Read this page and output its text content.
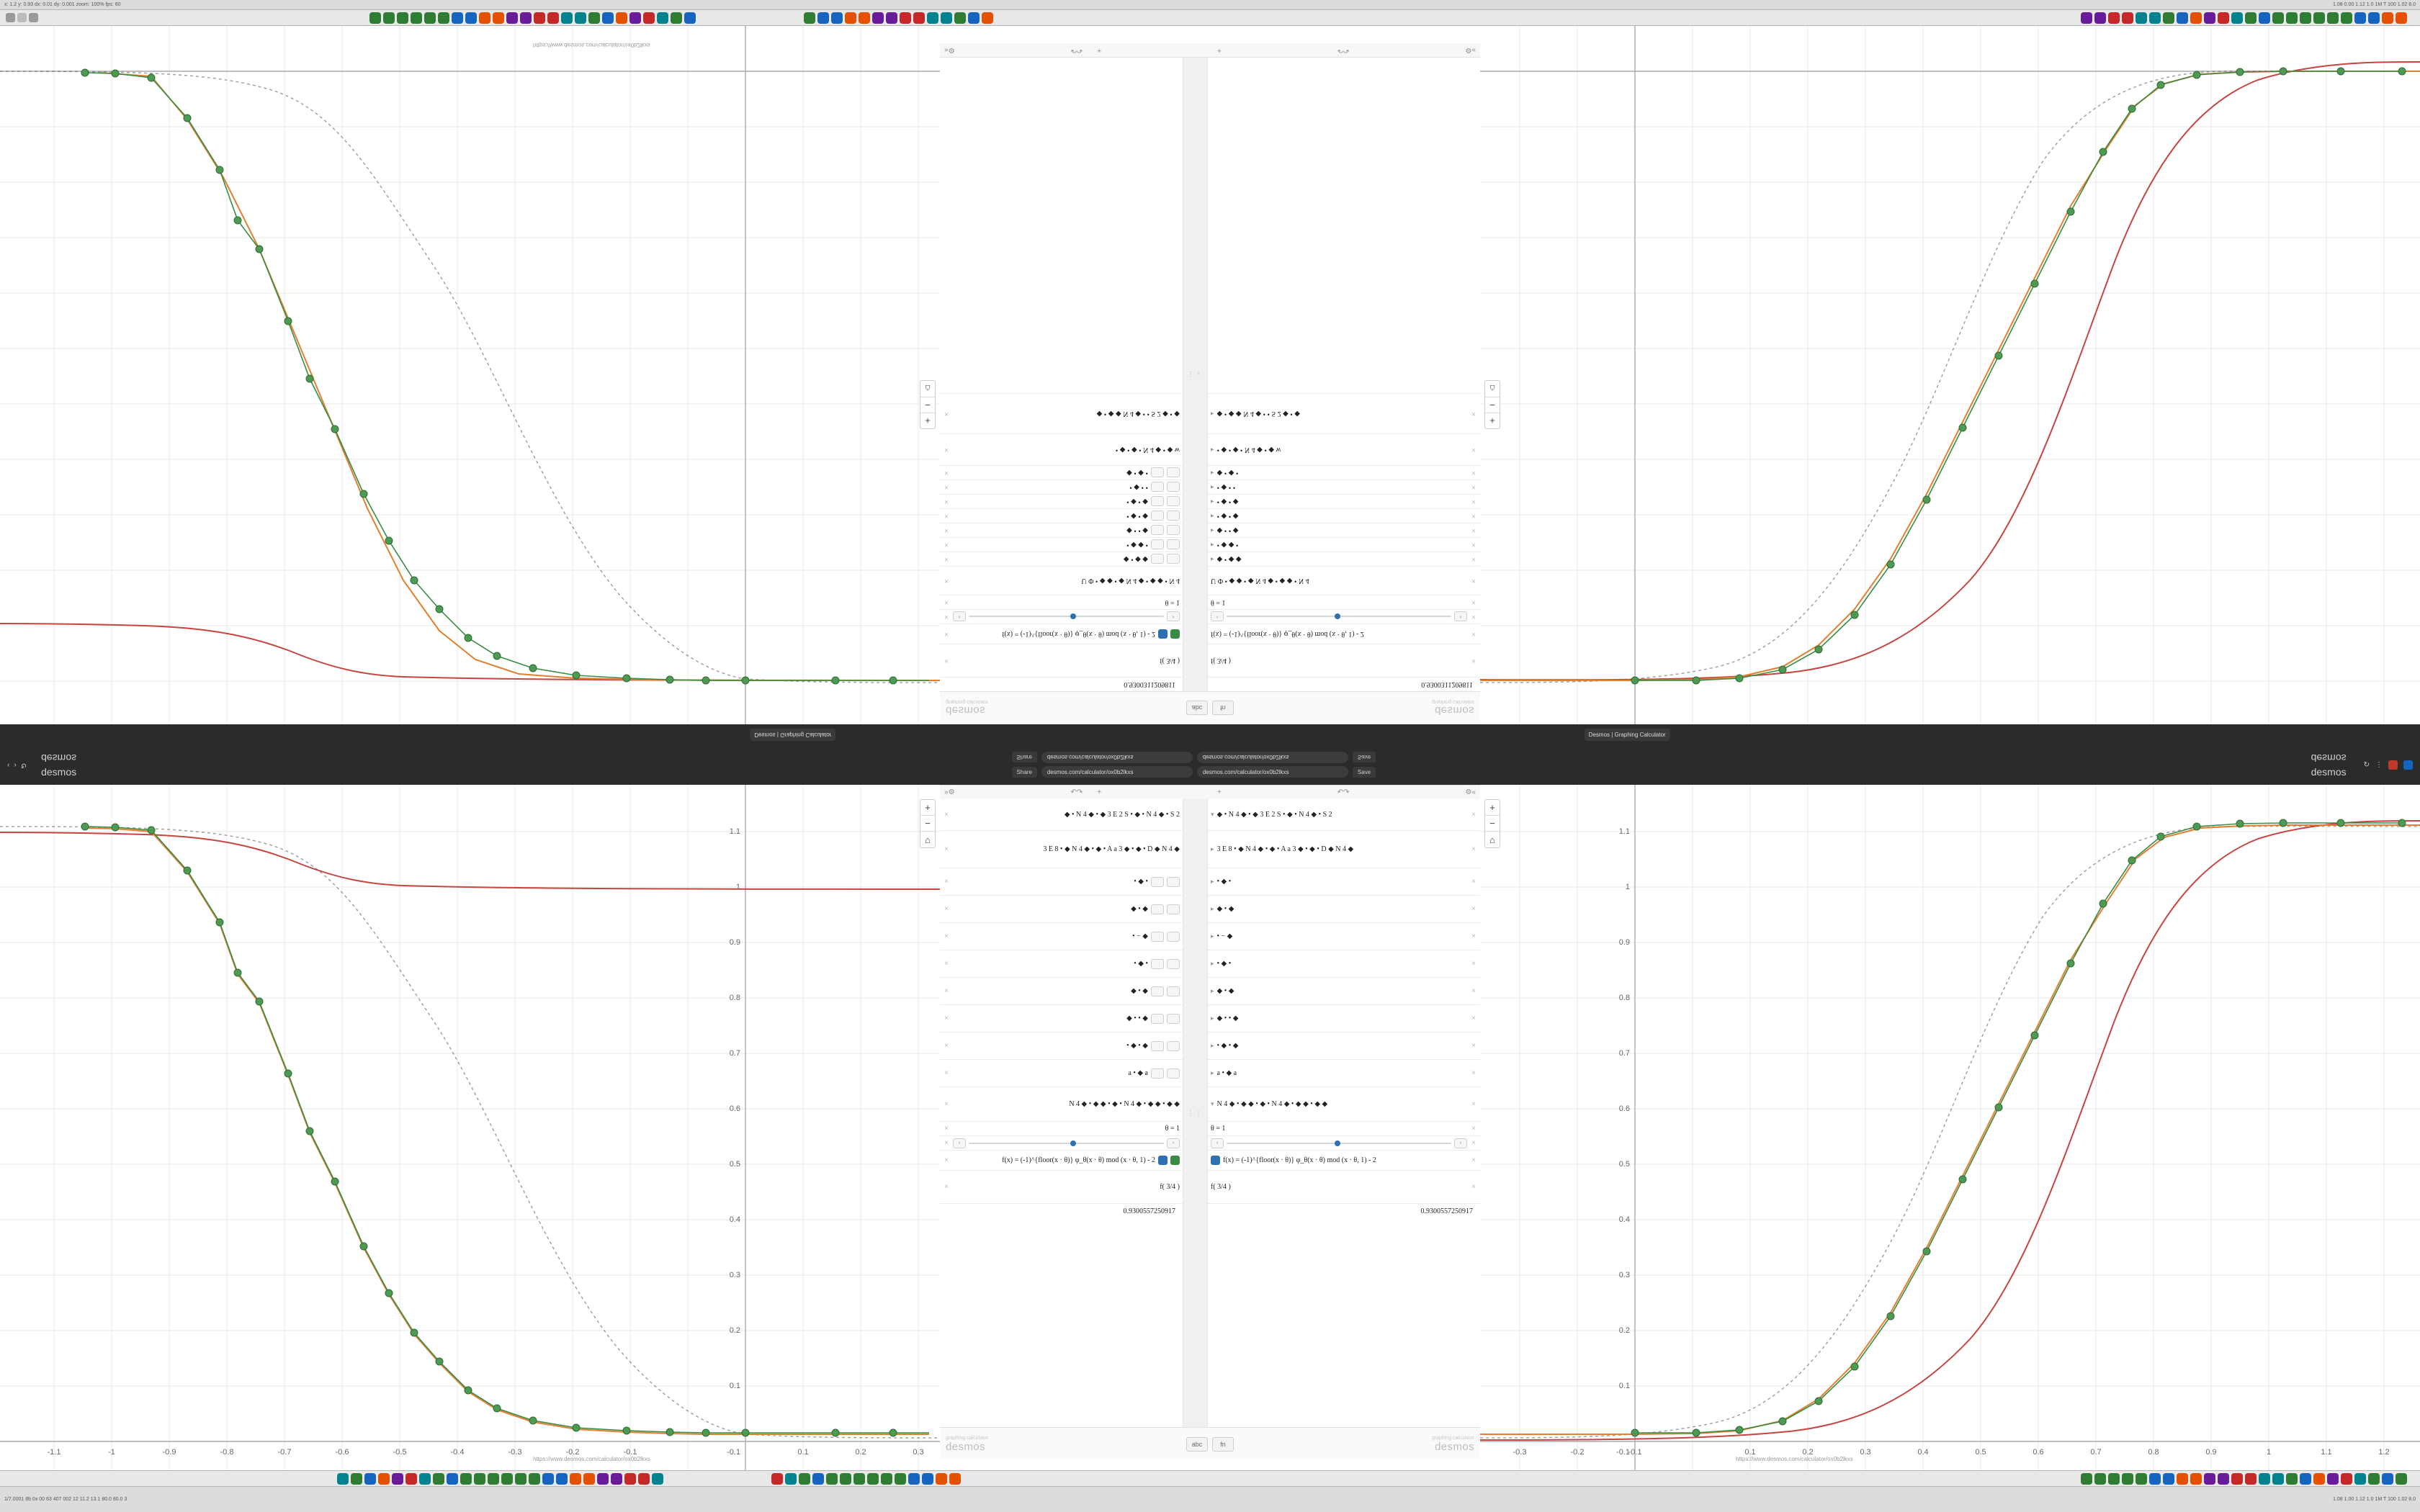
x: 1.2 y: 0.93 dx: 0.01 dy: 0.001 zoom: 100% fps: 60	1.08 0.00 1.12 1.0 1M T 100 1.02 8.0
+
−
⌂
+
−
⌂
-1.1	-1	-0.9	-0.8	-0.7	-0.6	-0.5	-0.4	-0.3	-0.2	-0.1	0.1	0.2	0.3
1.1
1
0.9
0.8
0.7
0.6
0.5
0.4
0.3
0.2
0.1
-0.1
+
−
⌂
-0.3	-0.2	-0.1	0.1	0.2	0.3	0.4	0.5	0.6	0.7	0.8	0.9	1	1.1	1.2
1.1
1
0.9
0.8
0.7
0.6
0.5
0.4
0.3
0.2
0.1
-0.1
+
−
⌂
desmos
graphing calculator
abc	fn	desmos
graphing calculator
0.9300311209811
×	f( 3/4 )
×	f(x) = (-1)^{floor(x · θ)} φ_θ(x · θ) mod (x · θ, 1) - 2
×	‹	›
×	θ = 1
×	U Φ • ◆ ◆ • ◆ N 4 ◆ • ◆ ◆ • N 4
×	◆ • ◆ ◆
×	• ◆ ◆ •
×	◆ • • ◆
×	• ◆ • ◆
×	• ◆ • ◆
×	• ◆ • •
×	◆ • ◆ •
×	• ◆ • ◆ • N 4 ◆ • ◆ w
×	◆ • ◆ ◆ N 4 ◆ • • S 2 ◆ • ◆
⋮⋮
0.9300311209811
f( 3/4 )	×
f(x) = (-1)^{floor(x · θ)} φ_θ(x · θ) mod (x · θ, 1) - 2	×
‹	›	×
θ = 1	×
U Φ • ◆ ◆ • ◆ N 4 ◆ • ◆ ◆ • N 4	×
▸ ◆ • ◆ ◆	×
▸ • ◆ ◆ •	×
▸ ◆ • • ◆	×
▸ • ◆ • ◆	×
▸ • ◆ • ◆	×
▸ • ◆ • •	×
▸ ◆ • ◆ •	×
▸ • ◆ • ◆ • N 4 ◆ • ◆ w	×
▸ ◆ • ◆ ◆ N 4 ◆ • • S 2 ◆ • ◆	×
» ⚙	↶ ↷ +	+	↶ ↷	⚙ «
Desmos | Graphing Calculator	Desmos | Graphing Calculator
‹ › ↻
desmos
desmos
Share	desmos.com/calculator/ox0b2lkxs	desmos.com/calculator/ox0b2lkxs	Save
Share	desmos.com/calculator/ox0b2lkxs	desmos.com/calculator/ox0b2lkxs	Save
desmos
desmos
↻ ⋮
» ⚙	↶ ↷ +	+	↶ ↷	⚙ «
×	◆ • N 4 ◆ • ◆ 3 E 2 S • ◆ • N 4 ◆ • S 2
×	3 E 8 • ◆ N 4 ◆ • ◆ • A a 3 ◆ • ◆ • D ◆ N 4 ◆
×	• ◆ •
×	◆ • ◆
×	• − ◆
×	• ◆ •
×	◆ • ◆
×	◆ • • ◆
×	• ◆ • ◆
×	a • ◆ a
×	N 4 ◆ • ◆ ◆ • ◆ • N 4 ◆ • ◆ ◆ • ◆ ◆
×	θ = 1
×	‹	›
×	f(x) = (-1)^{floor(x · θ)} φ_θ(x · θ) mod (x · θ, 1) - 2
×	f( 3/4 )
0.9300557250917
⋮⋮
▾ ◆ • N 4 ◆ • ◆ 3 E 2 S • ◆ • N 4 ◆ • S 2	×
▸ 3 E 8 • ◆ N 4 ◆ • ◆ • A a 3 ◆ • ◆ • D ◆ N 4 ◆	×
▸ • ◆ •	×
▸ ◆ • ◆	×
▸ • − ◆	×
▸ • ◆ •	×
▸ ◆ • ◆	×
▸ ◆ • • ◆	×
▸ • ◆ • ◆	×
▸ a • ◆ a	×
▾ N 4 ◆ • ◆ ◆ • ◆ • N 4 ◆ • ◆ ◆ • ◆ ◆	×
θ = 1	×
‹	›	×
f(x) = (-1)^{floor(x · θ)} φ_θ(x · θ) mod (x · θ, 1) - 2	×
f( 3/4 )	×
0.9300557250917
graphing calculator
desmos	abc	fn
graphing calculator
desmos
https://www.desmos.com/calculator/ox0b2lkxs
https://www.desmos.com/calculator/ox0b2lkxs	https://www.desmos.com/calculator/ox0b2lkxs
1/7.0001 8b 0x 00 63 407 002 12 11.2 13.1 80.0 80.0 3	1.08 1.00 1.12 1.0 1M T 100 1.02 8.0
